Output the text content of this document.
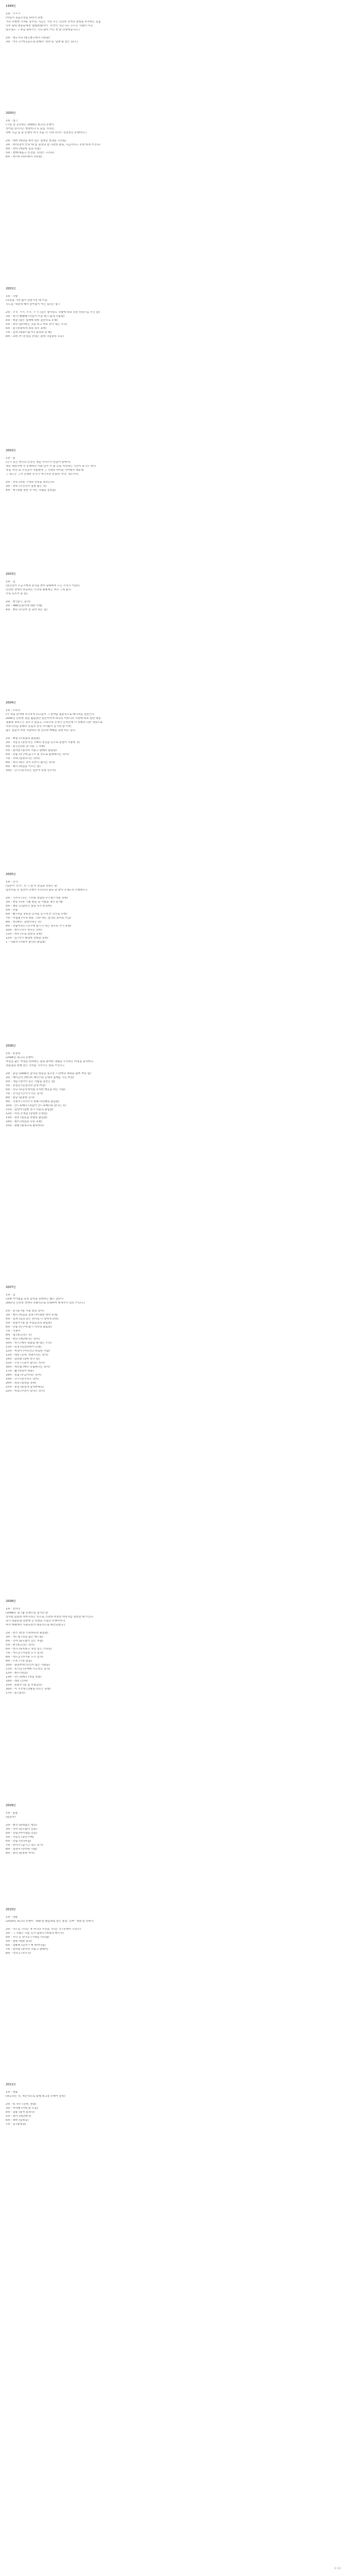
1999년
1위 - ㅋㅋㅋ
(아들이 웃음소리를 따라서 표현.
거의 유행에 가까운 경우라, 지금은 거의 모든 인터넷 언어의 설명을 차지하는 웃음
나무 형의 대중들에게 '밤톨뭐밤다이'. 무엇이 '잇는지도 모르는 사람이 아닌
알으로도 그 하힐 올바르는 가장 많이 쓰인 게 될 의성대입니다.)
2위 - 방긋지다 (방긋방긋하다 다른말)
3위 - 이ㅂ (스마크들으로 맞해서 '정보'로 '합병'될 결은 있다.)
2000년
1위 - 업그
(가장 잘 공인하는 2000년 최고의 유행어.
상어를 멋지시는 방향이나 뜻 표를 가라던,
아마 지금 일 중 유행이 여기 처음 이 시대 사이트 견성적인 유행어다.)
2위 - 대박 (해상을 뛰어 넘은 엄청난 결과를 가리킴)
3위 - 하이(영어 안녕 'hi'를 일상의 밤 사전한 말로, 지금까지도 유행 하게 쓰인다)
4위 - 강비 (깨끗한 일을 뜻함)
5위 - 쌈빡(새롭고 신선함. 의상은 구리다)
6위 - 하이루 (하이에서 다른말)
2001년
1위 - 작살
(의성을 가차 없이 단원시킬 때 쓰임.
식도를 '세상게 해서 끌어옴이 어는 있다는 말.)
2위 - ㅎㅎ, ㅋㅋ, ㅎㅎ, ㅇ ㅇ (같은 말이라도 상황에 따라 다른 뉘앙스를 주는 말)
3위 - 땡 나 빨빨해 (이름이 쓰일 때 드물게 사용함)
4위 - 하잘 (설픈 실책에 대한 감탄사로 유행)
5위 - 하악 (좋아하는 것을 보고 바보 같이 내는 소리)
6위 - 즐 (정당하게 욕의 의사 표현)
7위 - 헐퀴 (당황스럽거나 놀라워 할 때)
8위 - 요바 (이 문장을 끝내는 올데 다짐말의 호응)
2002년
1위 - 즐
(인기 있는 한국의 온라인 게임 사이트이 만들어 앞에서)
영문 대명사에 직 유행하나 사람 있어 이 줄 글을 처리하는 기본이 되기도 한다.
게임 '히니'의 주인공이 사용하며 그 시대의 아이들 사이에서 대유행.
그 정도는 그저 간결한 인사가 아니지만 유일한 '쭈욱' 정도이다.
2위 - 선팅 (초원 가게의 선팅을 일컫는다)
3위 - 찬박 (국인선이 엄청 많은 것)
4위 - 짱 (정말 잘한 것 아는 사람을 일컫음)
2003년
1위 - 헐
(중산층이 누군가에게 충격을 받아 당황하여 노는 소리가 이었다.
인터넷 상에서 반응하는 소리로 활용하는 보다 그게 좋다.
주로 신조어 중 일)
2위 - 짤 (엽기, 충격)
3위 - 쌔빠(신용이에 대한 이해)
4위 - 뽀록 (우연히 잘 되어 하는 일)
2004년
1위 - 오타쿠
(이 게임 분야에 지나치게 파고들어 그 분야를 집중적으로 매니아를 일컫는다.
2004년 인터넷 상을 휩쓸었던 일본어이며 하나의 커뮤니티 사상에 따라 일반 대중
생활에 녹아드는 경우가 있었고, 오타쿠의 존재가 온라인에 이 특별히 나쁜 세상으로
커뮤니티를 통해서 동질의 분석 사이클이 증가한 말 이며,
많은 일들이 보통 적당하다 엔 인터넷 매체를 표현 하고 있다.
2위 - 뽀샵 (포토샵의 줄임말)
3위 - 지름신 (충동적인 구매의 상징을 신으로 일컬어 사용한 것)
4위 - 즐 (인터넷 상 사용 그 자체)
5위 - 솔까말 (솔직히 까놓고 말해서 줄임말)
6위 - 안습 (안구에 습기가 찰 정도로 불쌍하다는 의미)
7위 - 지대 (엄청나다는 의미)
8위 - 쩐다 (하는 짓이 터무니 없다는 의미)
9위 - 뭥미 (뭐임을 이르는 말)
10위 - 간지 (멋지다는 일본어 표현 신조어)
2005년
1위 - 간지
(일본어 '칸지', 즉 '느낌'이 멋짐을 뜻하는 말.
일본어를 쓴 일본어 유행이 우리나라 말과 잘 맞아 오래도록 유행한다.)
2위 - 기브미 (모든 기브와 결합된 우스꽝스러운 표현)
3위 - 한동 (다른 기발 말을 할 사람을 생각 할 때)
4위 - 쌩유 (고맙다는 말을 다르게 표현)
5위 - 안습
6위 - 뷁 (처음 상표의 글자를 웃기게 쓴 것으로 유행)
7위 - 아햏햏 (이게 정말 그래? 하는 짐작의 의미로 쓰임)
8위 - 캐 (매우, 엄청이라는 뜻)
9위 - 안습이라는 (안구에 습기가 차는 경우의 추가 표현)
10위 - 쩔어 (역시 쩐다는 의미)
11위 - 하악 (주로 감탄의 표현)
12위 - 헐 (역시 황당한 상황을 표현)
1 - 지화자 (지화자 좋다의 줄임말)
2006년
1위 - 된장녀
(2006년 최고의 유행어.
허영심 많은 여성을 비하하는 말로 화려한 생활을 누리려는 여성을 풍자한다.
상품권을 통해 얻은 사치를 가리키는 말로 쓰인다.)
2위 - 꽃남 (2006년 꽃미남 열풍을 일으킨 드라마의 제목을 줄여 부른 말)
3위 - 베이글녀 (베이비 페이스와 글래머 몸매를 지닌 여성)
4위 - 개념 (생각이 있는 사람을 일컫는 말)
5위 - 된장남 (된장녀의 남성 버전)
6위 - 초딩 (초등학생처럼 유치한 행동을 하는 사람)
7위 - 간지남 (간지가 나는 남자)
8위 - 훈남 (훈훈한 남자)
9위 - 지못미 (지켜주지 못해 미안해의 줄임말)
10위 - 안드로메다 (개념이 안드로메다로 갔다는 뜻)
11위 - 엄친아 (엄마 친구 아들의 줄임말)
12위 - 미친 존재감 (강렬한 존재감)
13위 - 열폭 (열등감 폭발의 줄임말)
14위 - 뭥미 (뭐임의 다른 표현)
15위 - 광클 (광속으로 클릭하다)
2007년
1위 - 헐
(당황 어이없음 등의 감정을 표현하는 짧은 감탄사.
2007년 인터넷 상에서 폭발적으로 유행하여 현재까지 널리 쓰인다.)
2위 - 즐 (즐거운 사용 종료 의미)
3위 - 뭥미 (뭐임을 잘못 타이핑한 데서 유래)
4위 - 헐퀴 (헐과 같은 의미로 더 강하게 표현)
5위 - 흠좀무 (흠 좀 무섭군요의 줄임말)
6위 - 안습 (안구에 습기 차다의 줄임말)
7위 - 지못미
8위 - 캡 (최고라는 뜻)
9위 - 쩐다 (대단하다는 의미)
10위 - 허걱 (매우 놀랐을 때 내는 소리)
11위 - 된장 (된장녀에서 유래)
12위 - 찌질이 (어리석고 한심한 사람)
13위 - 레알 (진짜, 정말이라는 의미)
14위 - 엄친딸 (엄마 친구 딸)
15위 - 므흣 (기분이 좋다는 의미)
16위 - 캐안습 (매우 안습하다는 의미)
17위 - 뷁 (비속어 대용)
18위 - 쵸큼 (조금이라는 의미)
19위 - 간지 (멋지다는 의미)
20위 - 좌절 (실망을 표현)
21위 - 즐감 (즐겁게 감상하세요)
22위 - 허접 (수준이 낮다는 의미)
2008년
1위 - 꿀벅지
(2008년 걸그룹 유행으로 생겨난 말.
꿀처럼 달콤한 허벅지라는 뜻으로 건강한 여성의 허벅지를 칭찬할 때 쓰인다.
당시 대중문화 전반에 큰 영향을 주었던 유행어이다.
여러 매체에서 사용되면서 대중적으로 확산되었다.)
2위 - 완소 (완전 소중하다의 줄임말)
3위 - 개드립 (개념 없는 애드립)
4위 - 잉여 (쓸모없이 남는 사람)
5위 - 짱 (최고라는 의미)
6위 - 엣지 (독특하고 개성 있는 스타일)
7위 - 까도남 (까칠한 도시 남자)
8위 - 차도남 (차가운 도시 남자)
9위 - 므흣 (기분 좋음)
10위 - 솔로부대 (연인이 없는 사람들)
11위 - 초식남 (연애에 소극적인 남자)
12위 - 뭥미 (뭐임)
13위 - 안드로메다 (개념 상실)
14위 - 레알 (진짜)
15위 - 흠좀무 (흠 좀 무섭군요)
16위 - 이 시국에 (상황을 비꼬는 표현)
17위 - 즐 (종료)
2009년
1위 - 흠좀
(흠좀무)
2위 - 뻘짓 (쓸데없는 행동)
3위 - 잉여 (쓸모없이 남음)
4위 - 득템 (아이템을 얻음)
5위 - 지름신 (충동구매)
6위 - 안습 (안타까움)
7위 - 흑역사 (숨기고 싶은 과거)
8위 - 엄친아 (완벽한 사람)
9위 - 훈녀 (훈훈한 여자)
2010년
1위 - 레알
(2010년 최고의 유행어. 'real'을 발음대로 읽은 말로 '진짜' '정말'을 뜻한다.
2위 - 지도를 가리는 게 아니라 시선을 가리는 것 (유행어 시리즈)
3위 - 그 사람은 나를 잊지 않았다 (희망의 메시지)
4위 - 우리 곧 만나요 (기대를 나타냄)
5위 - 멘붕 (멘탈 붕괴)
6위 - 갑툭튀 (갑자기 툭 튀어나옴)
7위 - 솔까말 (솔직히 까놓고 말해서)
8위 - 닥치고 (무조건)
2011년
1위 - 멘붕
(최고라는 뜻, 계산적으로 올해 최고의 유행어 달성)
2위 - 뭐 자꾸 (진짜, 정말)
3위 - 어떡해 (어쩔 줄 모름)
4위 - 깜놀 (깜짝 놀라다)
5위 - 쩔어 (대단하다)
6위 - 대박 (엄청남)
7위 - 헐 (황당함)
© 1/1
